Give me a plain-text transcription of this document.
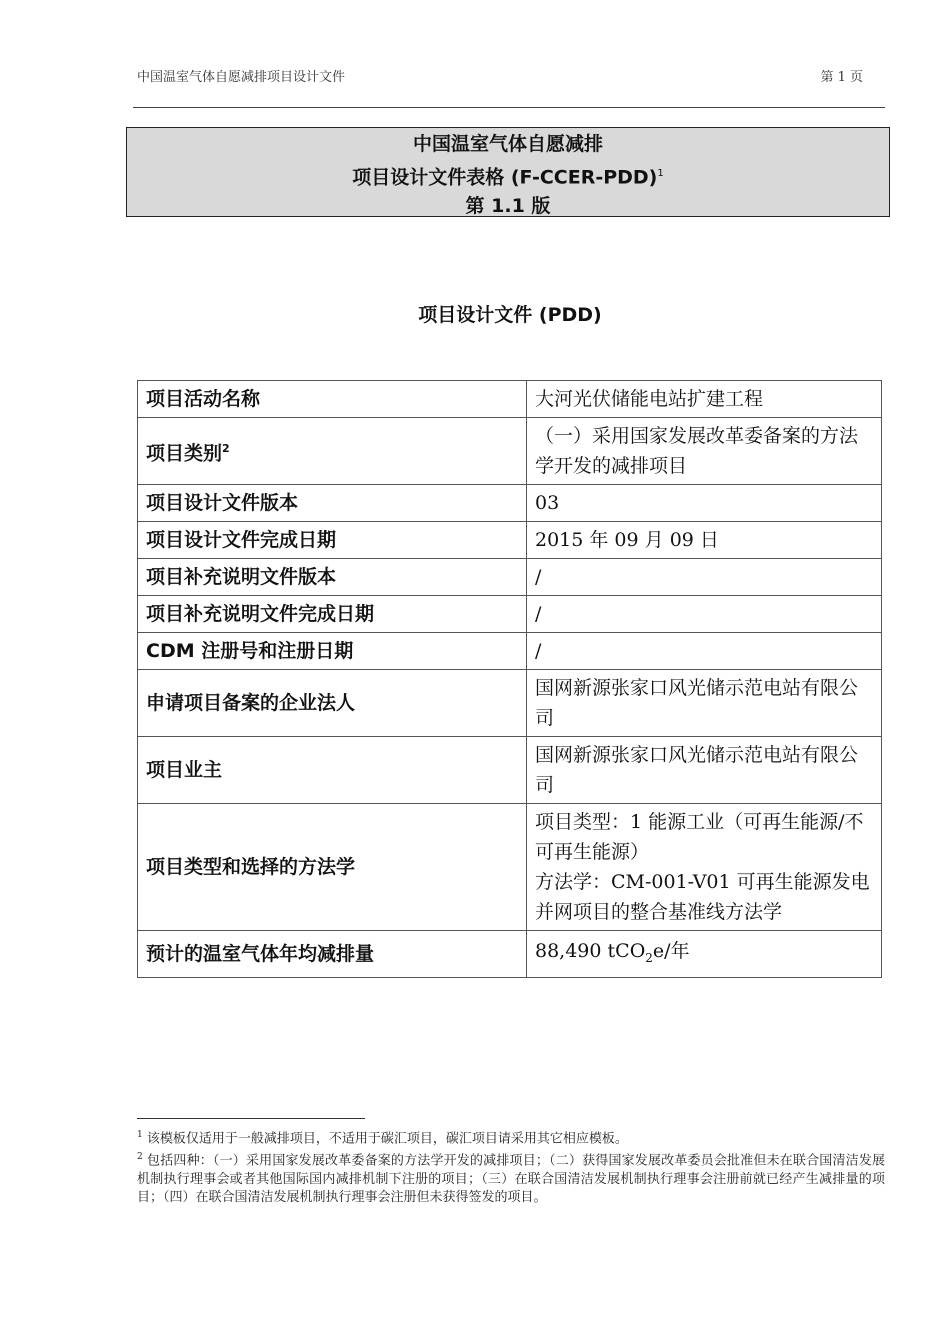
中国温室气体自愿减排项目设计文件	第 1 页
中国温室气体自愿减排
项目设计文件表格 (F-CCER-PDD)$^1$
第 1.1 版
项目设计文件 (PDD)
项目活动名称	大河光伏储能电站扩建工程
项目类别$^2$	（一）采用国家发展改革委备案的方法学开发的减排项目
项目设计文件版本	03
项目设计文件完成日期	2015 年 09 月 09 日
项目补充说明文件版本	/
项目补充说明文件完成日期	/
CDM 注册号和注册日期	/
申请项目备案的企业法人	国网新源张家口风光储示范电站有限公司
项目业主	国网新源张家口风光储示范电站有限公司
项目类型和选择的方法学	项目类型：1 能源工业（可再生能源/不可再生能源）
方法学：CM-001-V01 可再生能源发电并网项目的整合基准线方法学

预计的温室气体年均减排量	88,490 tCO$_2$e/年

$^1$ 该模板仅适用于一般减排项目，不适用于碳汇项目，碳汇项目请采用其它相应模板。

$^2$ 包括四种：（一）采用国家发展改革委备案的方法学开发的减排项目；（二）获得国家发展改革委员会批准但未在联合国清洁发展机制执行理事会或者其他国际国内减排机制下注册的项目；（三）在联合国清洁发展机制执行理事会注册前就已经产生减排量的项目；（四）在联合国清洁发展机制执行理事会注册但未获得签发的项目。
